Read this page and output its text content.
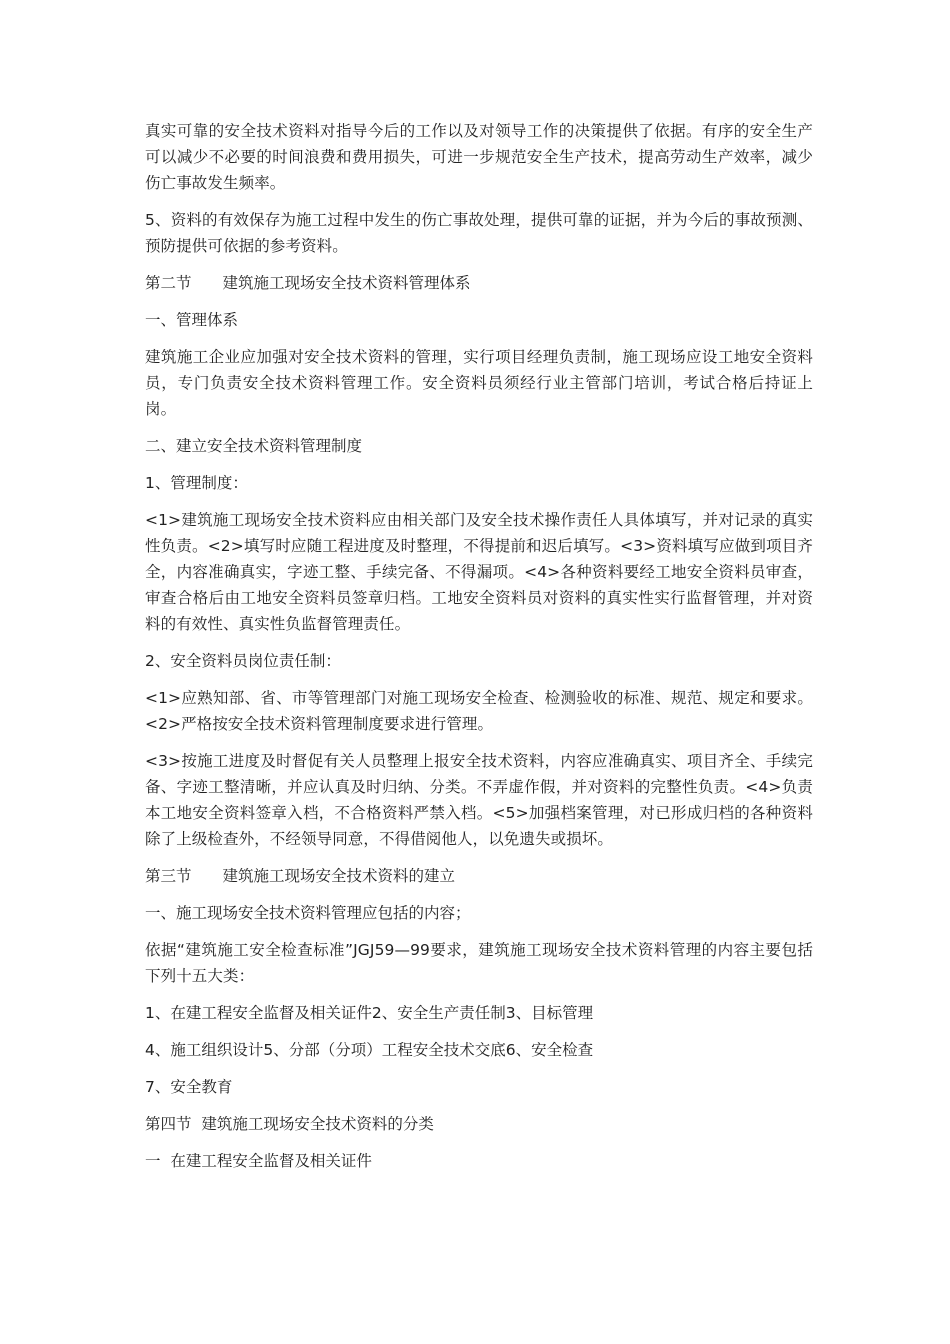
真实可靠的安全技术资料对指导今后的工作以及对领导工作的决策提供了依据。有序的安全生产可以减少不必要的时间浪费和费用损失，可进一步规范安全生产技术，提高劳动生产效率，减少伤亡事故发生频率。

5、资料的有效保存为施工过程中发生的伤亡事故处理，提供可靠的证据，并为今后的事故预测、预防提供可依据的参考资料。

第二节　　建筑施工现场安全技术资料管理体系

一、管理体系

建筑施工企业应加强对安全技术资料的管理，实行项目经理负责制，施工现场应设工地安全资料员，专门负责安全技术资料管理工作。安全资料员须经行业主管部门培训，考试合格后持证上岗。

二、建立安全技术资料管理制度

1、管理制度：

<1>建筑施工现场安全技术资料应由相关部门及安全技术操作责任人具体填写，并对记录的真实性负责。<2>填写时应随工程进度及时整理，不得提前和迟后填写。<3>资料填写应做到项目齐全，内容准确真实，字迹工整、手续完备、不得漏项。<4>各种资料要经工地安全资料员审查，审查合格后由工地安全资料员签章归档。工地安全资料员对资料的真实性实行监督管理，并对资料的有效性、真实性负监督管理责任。

2、安全资料员岗位责任制：

<1>应熟知部、省、市等管理部门对施工现场安全检查、检测验收的标准、规范、规定和要求。<2>严格按安全技术资料管理制度要求进行管理。

<3>按施工进度及时督促有关人员整理上报安全技术资料，内容应准确真实、项目齐全、手续完备、字迹工整清晰，并应认真及时归纳、分类。不弄虚作假，并对资料的完整性负责。<4>负责本工地安全资料签章入档，不合格资料严禁入档。<5>加强档案管理，对已形成归档的各种资料除了上级检查外，不经领导同意，不得借阅他人，以免遗失或损坏。

第三节　　建筑施工现场安全技术资料的建立

一、施工现场安全技术资料管理应包括的内容；

依据“建筑施工安全检查标准”JGJ59—99要求，建筑施工现场安全技术资料管理的内容主要包括下列十五大类：

1、在建工程安全监督及相关证件2、安全生产责任制3、目标管理

4、施工组织设计5、分部（分项）工程安全技术交底6、安全检查

7、安全教育

第四节  建筑施工现场安全技术资料的分类

一  在建工程安全监督及相关证件
